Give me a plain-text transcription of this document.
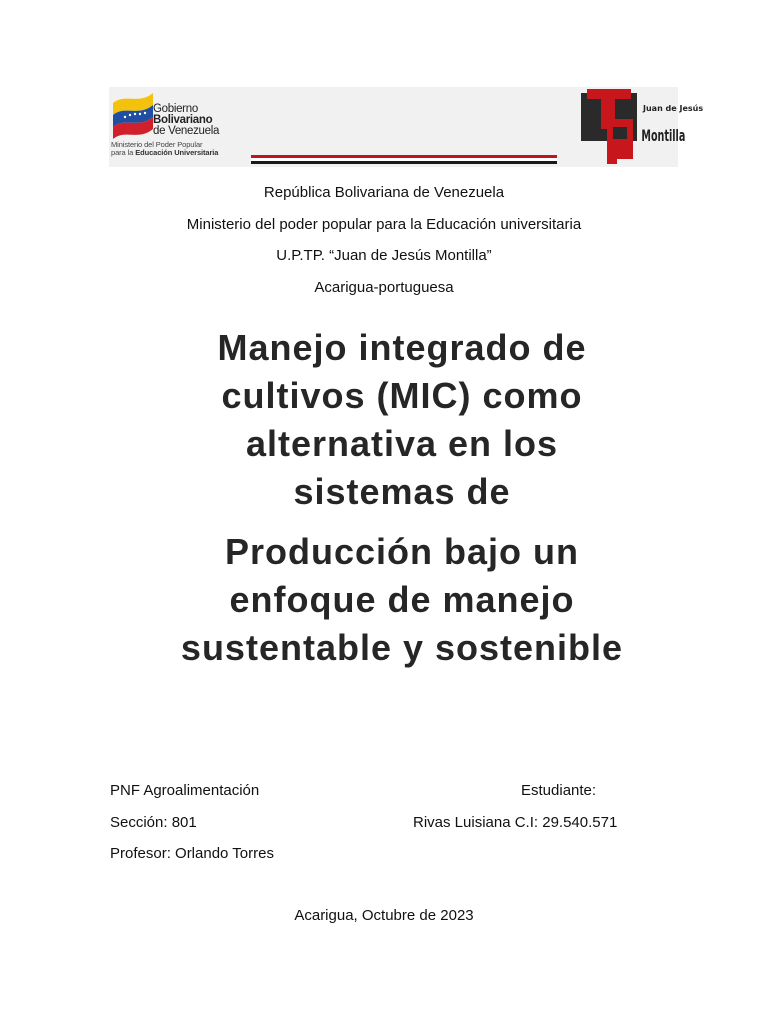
Gobierno
Bolivariano
de Venezuela
Ministerio del Poder Popular
para la Educación Universitaria
Juan de Jesús
Montilla
República Bolivariana de Venezuela
Ministerio del poder popular para la Educación universitaria
U.P.TP. “Juan de Jesús Montilla”
Acarigua-portuguesa
Manejo integrado de
cultivos (MIC) como
alternativa en los
sistemas de
Producción bajo un
enfoque de manejo
sustentable y sostenible
PNF Agroalimentación
Sección: 801
Profesor: Orlando Torres
Estudiante:
Rivas Luisiana C.I: 29.540.571
Acarigua, Octubre de 2023
